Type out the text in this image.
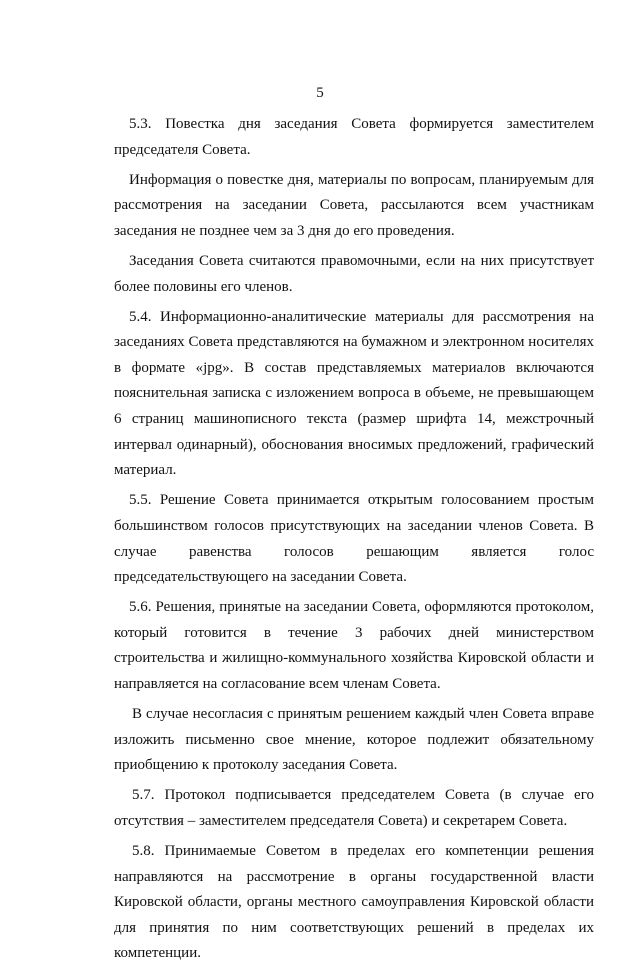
5

5.3. Повестка дня заседания Совета формируется заместителем председателя Совета.

Информация о повестке дня, материалы по вопросам, планируемым для рассмотрения на заседании Совета, рассылаются всем участникам заседания не позднее чем за 3 дня до его проведения.

Заседания Совета считаются правомочными, если на них присутствует более половины его членов.

5.4. Информационно-аналитические материалы для рассмотрения на заседаниях Совета представляются на бумажном и электронном носителях в формате «jpg». В состав представляемых материалов включаются пояснительная записка с изложением вопроса в объеме, не превышающем 6 страниц машинописного текста (размер шрифта 14, межстрочный интервал одинарный), обоснования вносимых предложений, графический материал.

5.5. Решение Совета принимается открытым голосованием простым большинством голосов присутствующих на заседании членов Совета. В случае равенства голосов решающим является голос председательствующего на заседании Совета.

5.6. Решения, принятые на заседании Совета, оформляются протоколом, который готовится в течение 3 рабочих дней министерством строительства и жилищно-коммунального хозяйства Кировской области и направляется на согласование всем членам Совета.

В случае несогласия с принятым решением каждый член Совета вправе изложить письменно свое мнение, которое подлежит обязательному приобщению к протоколу заседания Совета.

5.7. Протокол подписывается председателем Совета (в случае его отсутствия – заместителем председателя Совета) и секретарем Совета.

5.8. Принимаемые Советом в пределах его компетенции решения направляются на рассмотрение в органы государственной власти Кировской области, органы местного самоуправления Кировской области для принятия по ним соответствующих решений в пределах их компетенции.
